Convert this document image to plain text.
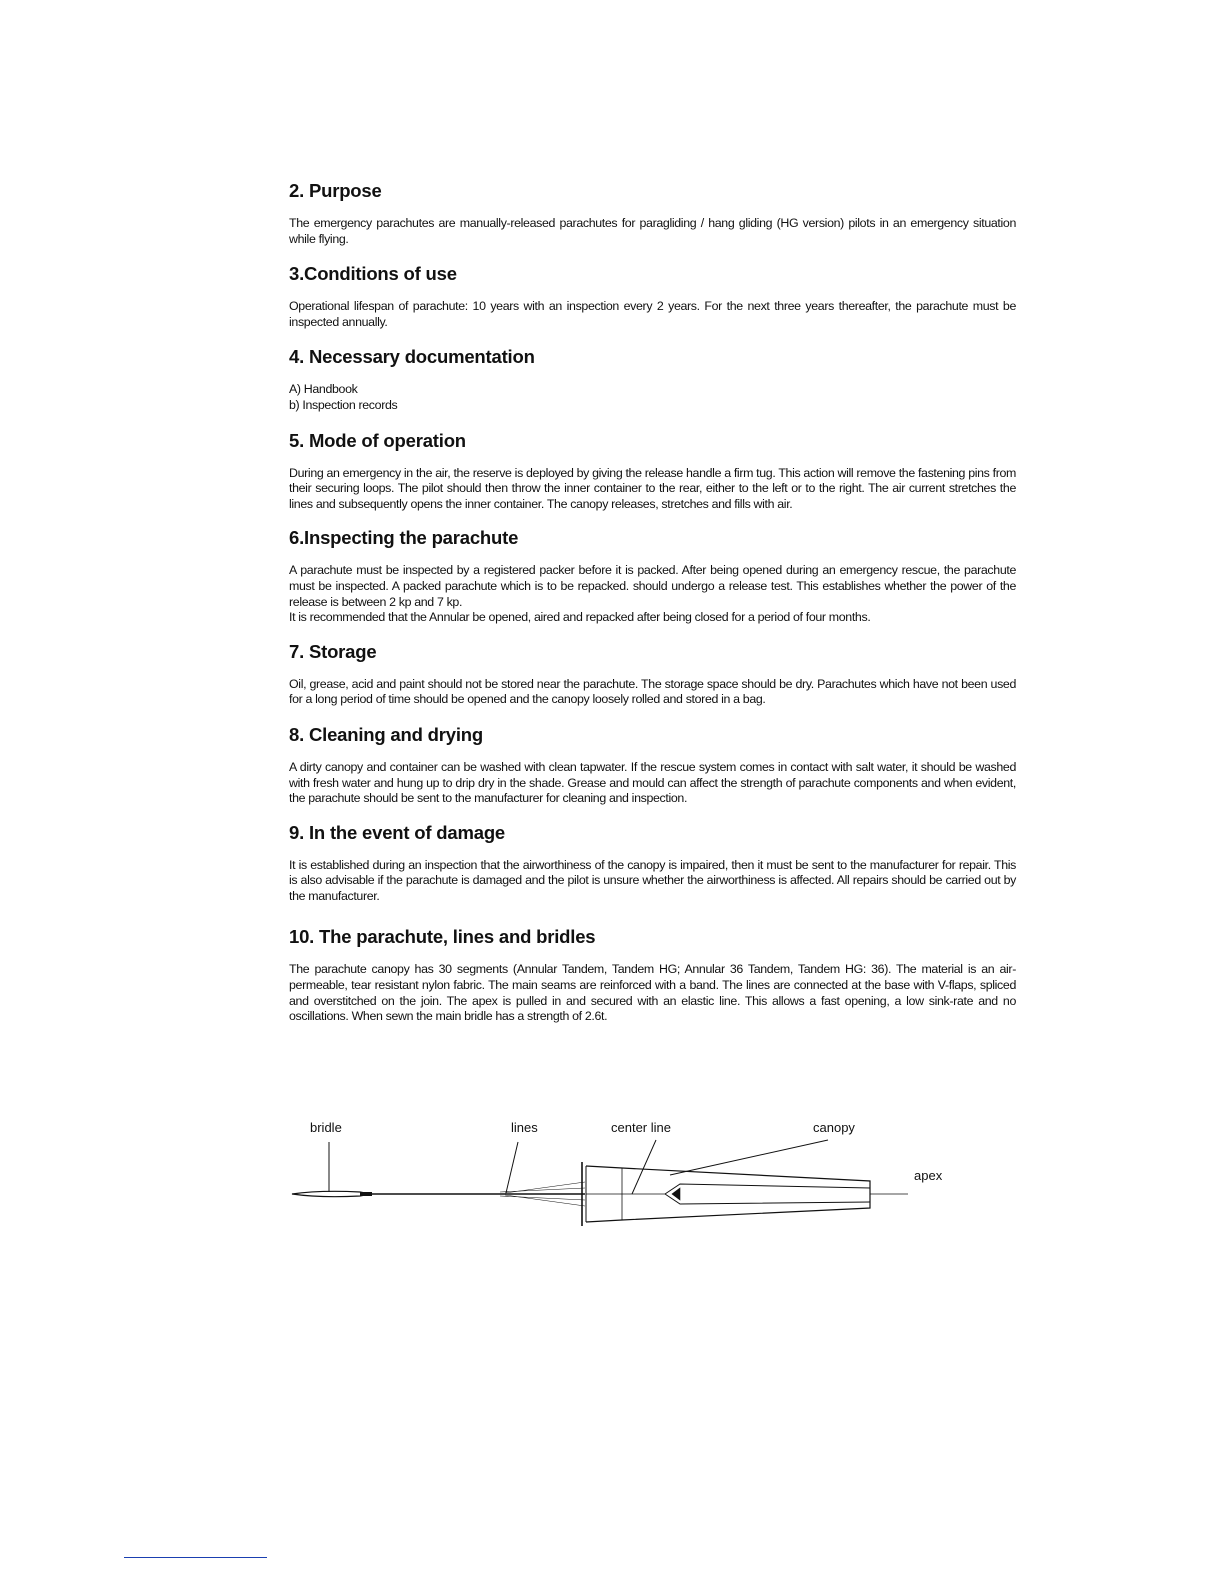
2. Purpose

The emergency parachutes are manually-released parachutes for paragliding / hang gliding (HG version) pilots in an emergency situation while flying.

3.Conditions of use

Operational lifespan of parachute: 10 years with an inspection every 2 years. For the next three years thereafter, the parachute must be inspected annually.

4. Necessary documentation

A) Handbook
b) Inspection records

5. Mode of operation

During an emergency in the air, the reserve is deployed by giving the release handle a firm tug. This action will remove the fastening pins from their securing loops. The pilot should then throw the inner container to the rear, either to the left or to the right. The air current stretches the lines and subsequently opens the inner container. The canopy releases, stretches and fills with air.

6.Inspecting the parachute

A parachute must be inspected by a registered packer before it is packed. After being opened during an emergency rescue, the parachute must be inspected. A packed parachute which is to be repacked. should undergo a release test. This establishes whether the power of the release is between 2 kp and 7 kp.

It is recommended that the Annular be opened, aired and repacked after being closed for a period of four months.

7. Storage

Oil, grease, acid and paint should not be stored near the parachute. The storage space should be dry. Parachutes which have not been used for a long period of time should be opened and the canopy loosely rolled and stored in a bag.

8. Cleaning and drying

A dirty canopy and container can be washed with clean tapwater. If the rescue system comes in contact with salt water, it should be washed with fresh water and hung up to drip dry in the shade. Grease and mould can affect the strength of parachute components and when evident, the parachute should be sent to the manufacturer for cleaning and inspection.

9. In the event of damage

It is established during an inspection that the airworthiness of the canopy is impaired, then it must be sent to the manufacturer for repair. This is also advisable if the parachute is damaged and the pilot is unsure whether the airworthiness is affected. All repairs should be carried out by the manufacturer.

10. The parachute, lines and bridles

The parachute canopy has 30 segments (Annular Tandem, Tandem HG; Annular 36 Tandem, Tandem HG: 36). The material is an air-permeable, tear resistant nylon fabric. The main seams are reinforced with a band. The lines are connected at the base with V-flaps, spliced and overstitched on the join. The apex is pulled in and secured with an elastic line. This allows a fast opening, a low sink-rate and no oscillations. When sewn the main bridle has a strength of 2.6t.

bridle	lines	center line	canopy
apex
